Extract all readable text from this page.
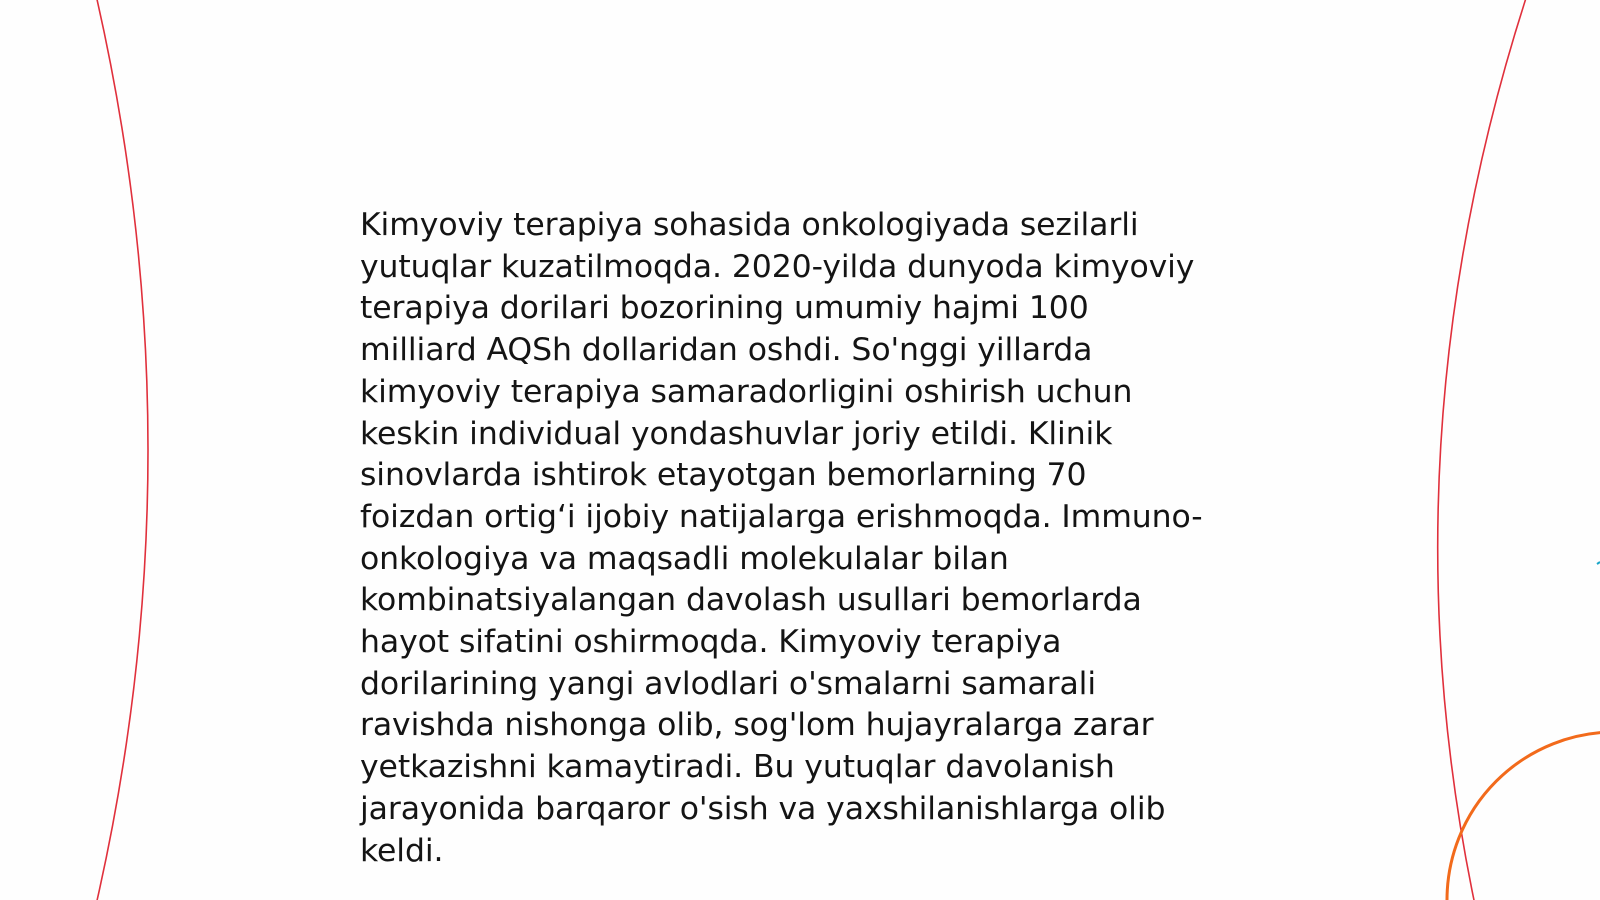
Kimyoviy terapiya sohasida onkologiyada sezilarli
yutuqlar kuzatilmoqda. 2020-yilda dunyoda kimyoviy
terapiya dorilari bozorining umumiy hajmi 100
milliard AQSh dollaridan oshdi. So'nggi yillarda
kimyoviy terapiya samaradorligini oshirish uchun
keskin individual yondashuvlar joriy etildi. Klinik
sinovlarda ishtirok etayotgan bemorlarning 70
foizdan ortig‘i ijobiy natijalarga erishmoqda. Immuno-
onkologiya va maqsadli molekulalar bilan
kombinatsiyalangan davolash usullari bemorlarda
hayot sifatini oshirmoqda. Kimyoviy terapiya
dorilarining yangi avlodlari o'smalarni samarali
ravishda nishonga olib, sog'lom hujayralarga zarar
yetkazishni kamaytiradi. Bu yutuqlar davolanish
jarayonida barqaror o'sish va yaxshilanishlarga olib
keldi.
